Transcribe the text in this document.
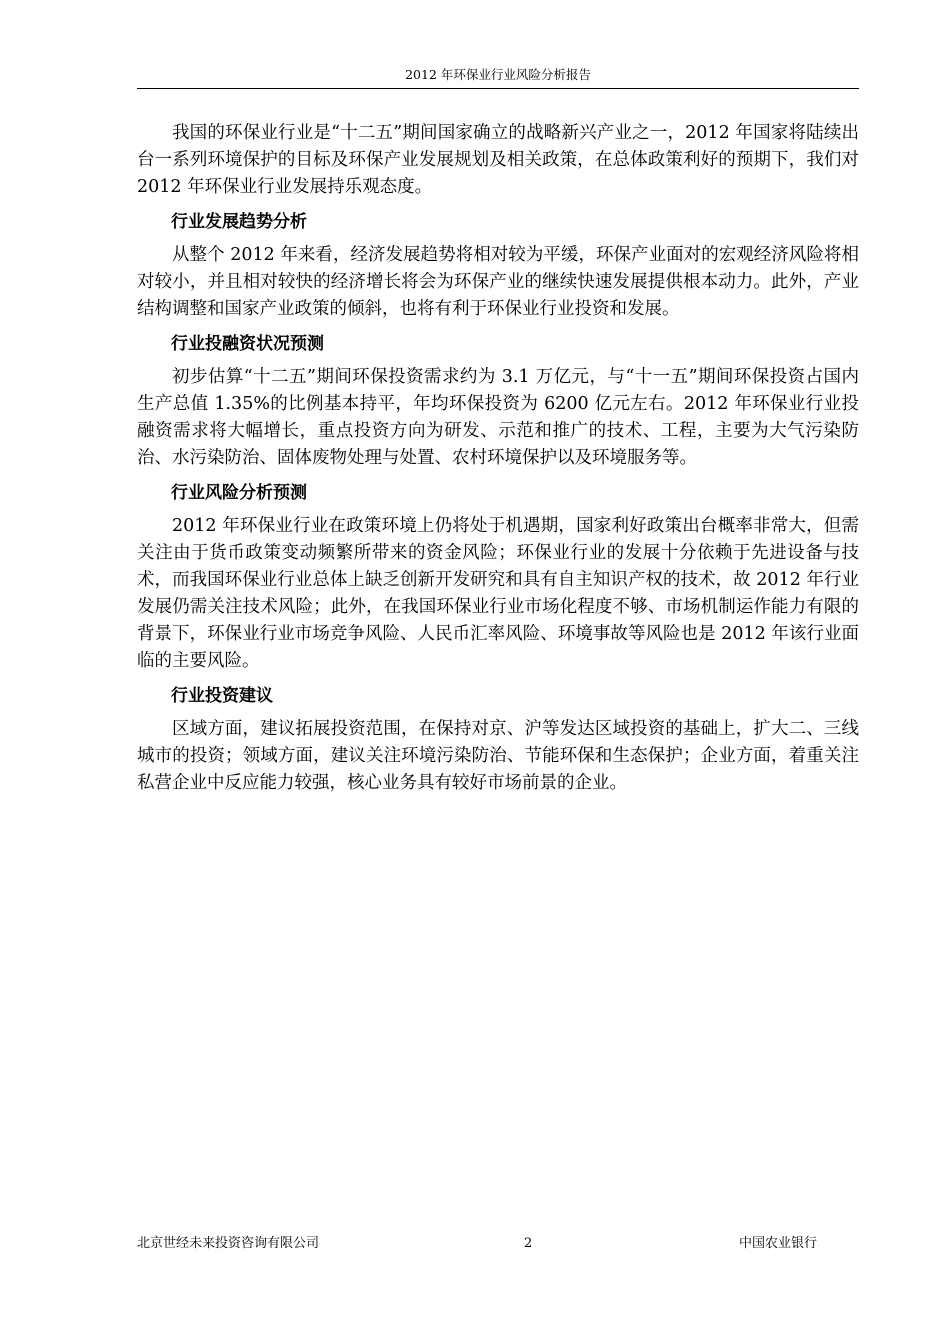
2012 年环保业行业风险分析报告

我国的环保业行业是“十二五”期间国家确立的战略新兴产业之一，2012 年国家将陆续出台一系列环境保护的目标及环保产业发展规划及相关政策，在总体政策利好的预期下，我们对 2012 年环保业行业发展持乐观态度。

行业发展趋势分析

从整个 2012 年来看，经济发展趋势将相对较为平缓，环保产业面对的宏观经济风险将相对较小，并且相对较快的经济增长将会为环保产业的继续快速发展提供根本动力。此外，产业结构调整和国家产业政策的倾斜，也将有利于环保业行业投资和发展。

行业投融资状况预测

初步估算“十二五”期间环保投资需求约为 3.1 万亿元，与“十一五”期间环保投资占国内生产总值 1.35%的比例基本持平，年均环保投资为 6200 亿元左右。2012 年环保业行业投融资需求将大幅增长，重点投资方向为研发、示范和推广的技术、工程，主要为大气污染防治、水污染防治、固体废物处理与处置、农村环境保护以及环境服务等。

行业风险分析预测

2012 年环保业行业在政策环境上仍将处于机遇期，国家利好政策出台概率非常大，但需关注由于货币政策变动频繁所带来的资金风险；环保业行业的发展十分依赖于先进设备与技术，而我国环保业行业总体上缺乏创新开发研究和具有自主知识产权的技术，故 2012 年行业发展仍需关注技术风险；此外，在我国环保业行业市场化程度不够、市场机制运作能力有限的背景下，环保业行业市场竞争风险、人民币汇率风险、环境事故等风险也是 2012 年该行业面临的主要风险。

行业投资建议

区域方面，建议拓展投资范围，在保持对京、沪等发达区域投资的基础上，扩大二、三线城市的投资；领域方面，建议关注环境污染防治、节能环保和生态保护；企业方面，着重关注私营企业中反应能力较强，核心业务具有较好市场前景的企业。

北京世经未来投资咨询有限公司	2	中国农业银行
